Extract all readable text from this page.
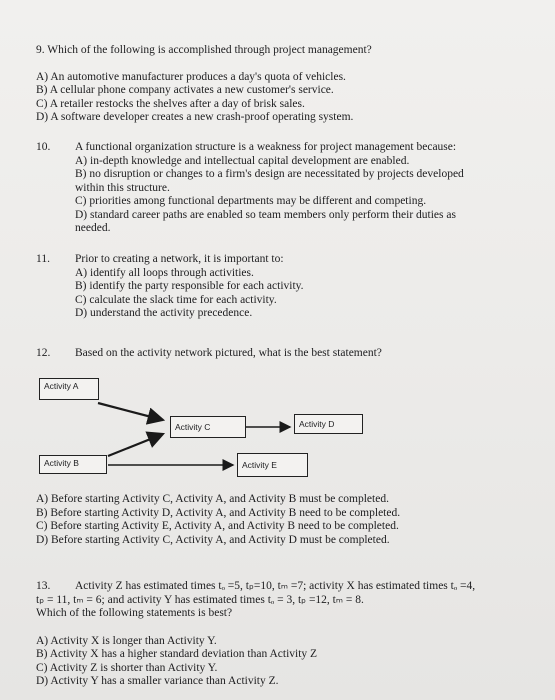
9. Which of the following is accomplished through project management?
A) An automotive manufacturer produces a day's quota of vehicles.
B) A cellular phone company activates a new customer's service.
C) A retailer restocks the shelves after a day of brisk sales.
D) A software developer creates a new crash-proof operating system.
10. A functional organization structure is a weakness for project management because:
A) in-depth knowledge and intellectual capital development are enabled.
B) no disruption or changes to a firm's design are necessitated by projects developed
within this structure.
C) priorities among functional departments may be different and competing.
D) standard career paths are enabled so team members only perform their duties as
needed.
11. Prior to creating a network, it is important to:
A) identify all loops through activities.
B) identify the party responsible for each activity.
C) calculate the slack time for each activity.
D) understand the activity precedence.
12. Based on the activity network pictured, what is the best statement?
Activity A
Activity B
Activity C	Activity D
Activity E
A) Before starting Activity C, Activity A, and Activity B must be completed.
B) Before starting Activity D, Activity A, and Activity B need to be completed.
C) Before starting Activity E, Activity A, and Activity B need to be completed.
D) Before starting Activity C, Activity A, and Activity D must be completed.
13. Activity Z has estimated times tₒ =5, tₚ=10, tₘ =7; activity X has estimated times tₒ =4,
tₚ = 11, tₘ = 6; and activity Y has estimated times tₒ = 3, tₚ =12, tₘ = 8.
Which of the following statements is best?
A) Activity X is longer than Activity Y.
B) Activity X has a higher standard deviation than Activity Z
C) Activity Z is shorter than Activity Y.
D) Activity Y has a smaller variance than Activity Z.
